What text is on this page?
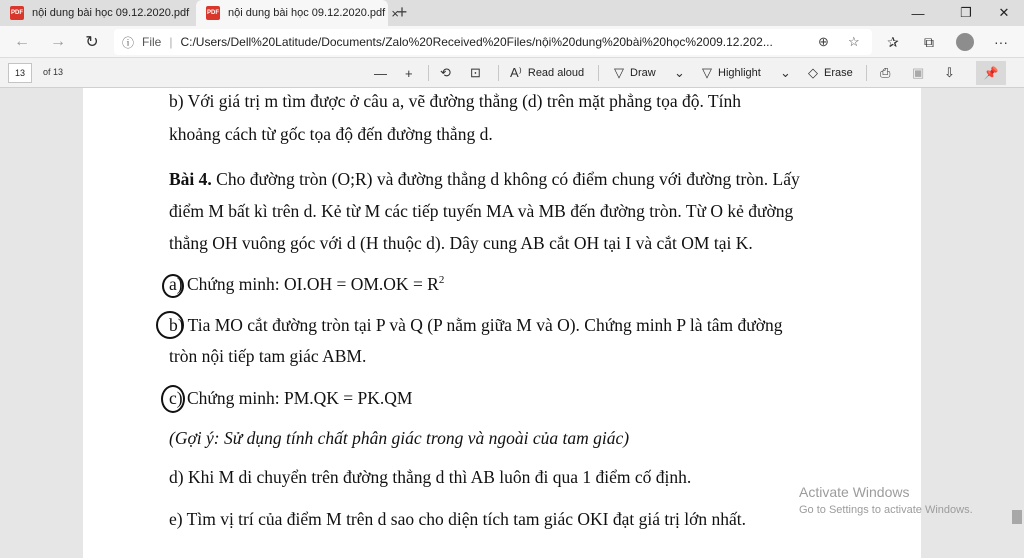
PDF nội dung bài học 09.12.2020.pdf	PDF nội dung bài học 09.12.2020.pdf ×
+	—	❐	✕
← →	↻	ⓘ File | C:/Users/Dell%20Latitude/Documents/Zalo%20Received%20Files/nội%20dung%20bài%20học%2009.12.202...	⊕ ☆	✰	⧉	···
13	of 13	— + ⟲ ⊡ A⁾ Read aloud ▽ Draw ⌄ ▽ Highlight ⌄ ◇ Erase ⎙ ▣ ⇩ 📌
b) Với giá trị m tìm được ở câu a, vẽ đường thẳng (d) trên mặt phẳng tọa độ. Tính
khoảng cách từ gốc tọa độ đến đường thẳng d.
Bài 4. Cho đường tròn (O;R) và đường thẳng d không có điểm chung với đường tròn. Lấy
điểm M bất kì trên d. Kẻ từ M các tiếp tuyến MA và MB đến đường tròn. Từ O kẻ đường
thẳng OH vuông góc với d (H thuộc d). Dây cung AB cắt OH tại I và cắt OM tại K.
a) Chứng minh: $OI.OH = OM.OK = R^2$
b) Tia MO cắt đường tròn tại P và Q (P nằm giữa M và O). Chứng minh P là tâm đường
tròn nội tiếp tam giác ABM.
c) Chứng minh: PM.QK = PK.QM
(Gợi ý: Sử dụng tính chất phân giác trong và ngoài của tam giác)
d) Khi M di chuyển trên đường thẳng d thì AB luôn đi qua 1 điểm cố định.
e) Tìm vị trí của điểm M trên d sao cho diện tích tam giác OKI đạt giá trị lớn nhất.
Activate Windows
Go to Settings to activate Windows.
